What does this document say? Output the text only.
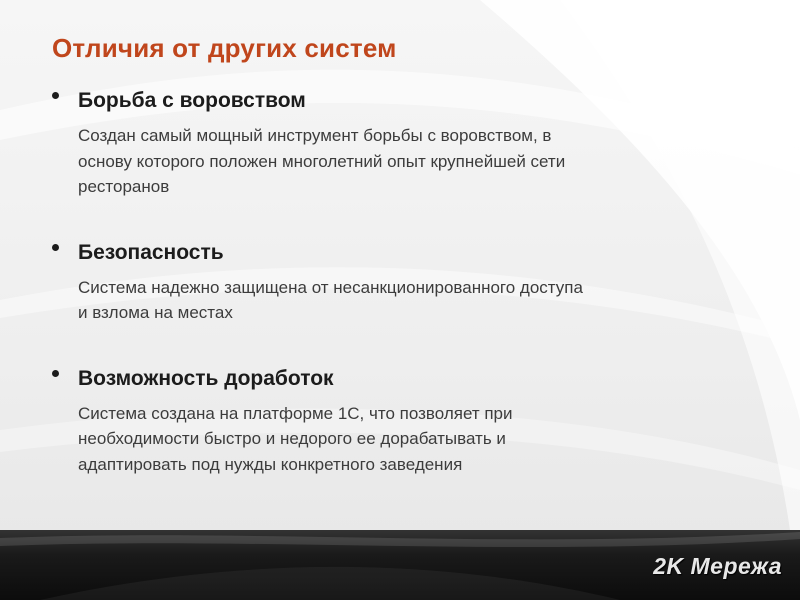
Отличия от других систем
Борьба с воровством
Создан самый мощный инструмент борьбы с воровством, в
основу которого положен многолетний опыт крупнейшей сети
ресторанов
Безопасность
Система надежно защищена от несанкционированного доступа
и взлома на местах
Возможность доработок
Система создана на платформе 1С, что позволяет при
необходимости быстро и недорого ее дорабатывать и
адаптировать под нужды конкретного заведения
2K Мережа
